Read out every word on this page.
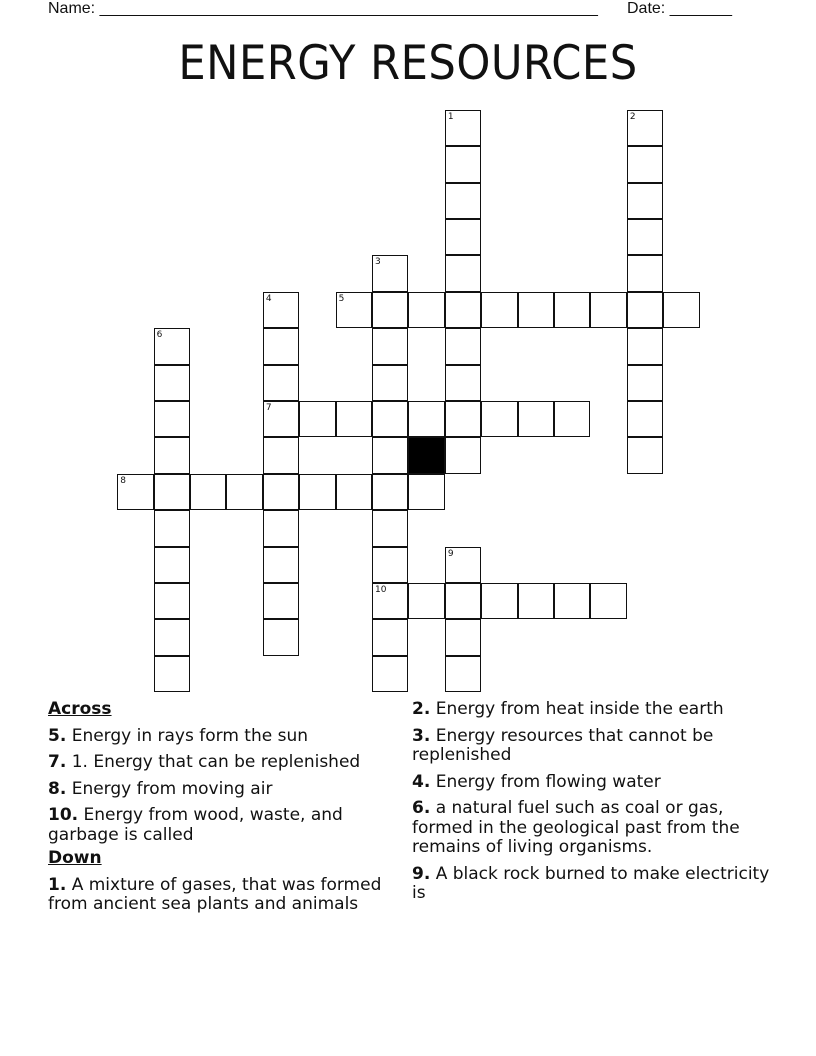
Name: ________________________________________________________ Date: _______
ENERGY RESOURCES
1	2
3
10
4
7
5
6
8
9
Across
5. Energy in rays form the sun
7. 1. Energy that can be replenished
8. Energy from moving air
10. Energy from wood, waste, and garbage is called
Down
1. A mixture of gases, that was formed from ancient sea plants and animals
2. Energy from heat inside the earth
3. Energy resources that cannot be replenished
4. Energy from flowing water
6. a natural fuel such as coal or gas, formed in the geological past from the remains of living organisms.
9. A black rock burned to make electricity is
